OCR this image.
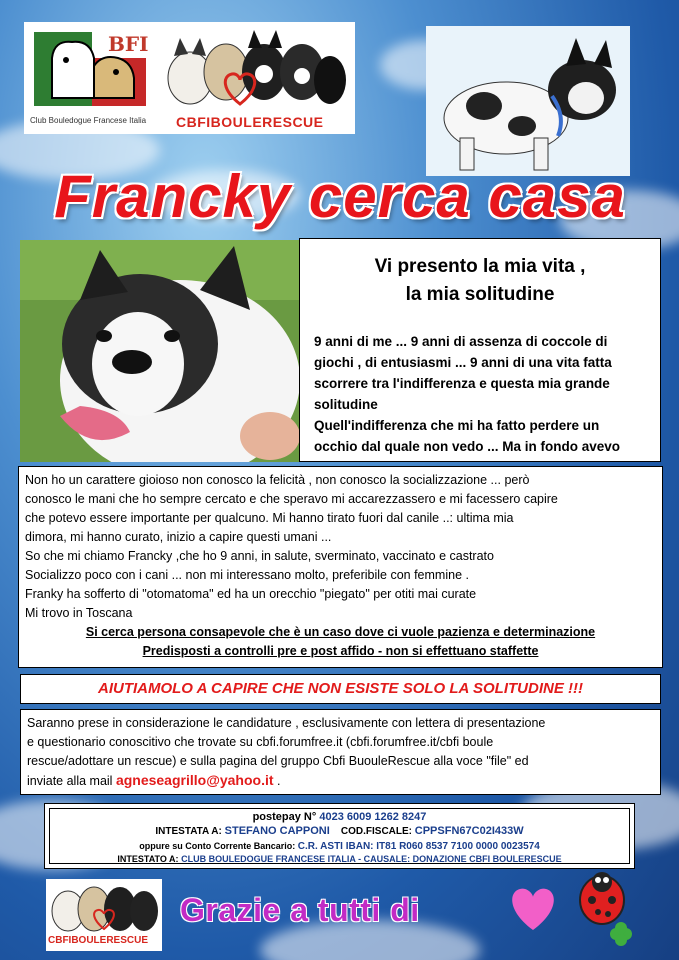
BFI
Club Bouledogue Francese Italia CBFIBOULERESCUE
Francky cerca casa
Vi presento la mia vita ,
la mia solitudine
9 anni di me ... 9 anni di assenza di coccole di
giochi , di entusiasmi ... 9 anni di una vita fatta
scorrere tra l'indifferenza e questa mia grande
solitudine
Quell'indifferenza che mi ha fatto perdere un
occhio dal quale non vedo ... Ma in fondo avevo
Non ho un carattere gioioso non conosco la felicità , non conosco la socializzazione ... però
conosco le mani che ho sempre cercato e che speravo mi accarezzassero e mi facessero capire
che potevo essere importante per qualcuno. Mi hanno tirato fuori dal canile ..: ultima mia
dimora, mi hanno curato, inizio a capire questi umani ...
So che mi chiamo Francky ,che ho 9 anni, in salute, sverminato, vaccinato e castrato
Socializzo poco con i cani ... non mi interessano molto, preferibile con femmine .
Franky ha sofferto di "otomatoma" ed ha un orecchio "piegato" per otiti mai curate
Mi trovo in Toscana
Si cerca persona consapevole che è un caso dove ci vuole pazienza e determinazione
Predisposti a controlli pre e post affido - non si effettuano staffette
AIUTIAMOLO A CAPIRE CHE NON ESISTE SOLO LA SOLITUDINE !!!
Saranno prese in considerazione le candidature , esclusivamente con lettera di presentazione
e questionario conoscitivo che trovate su cbfi.forumfree.it (cbfi.forumfree.it/cbfi boule
rescue/adottare un rescue) e sulla pagina del gruppo Cbfi BuouleRescue alla voce "file" ed
inviate alla mail agneseagrillo@yahoo.it .
postepay N° 4023 6009 1262 8247
INTESTATA A: STEFANO CAPPONI COD.FISCALE: CPPSFN67C02I433W
oppure su Conto Corrente Bancario: C.R. ASTI IBAN: IT81 R060 8537 7100 0000 0023574
INTESTATO A: CLUB BOULEDOGUE FRANCESE ITALIA - CAUSALE: DONAZIONE CBFI BOULERESCUE
CBFIBOULERESCUE
Grazie a tutti di
